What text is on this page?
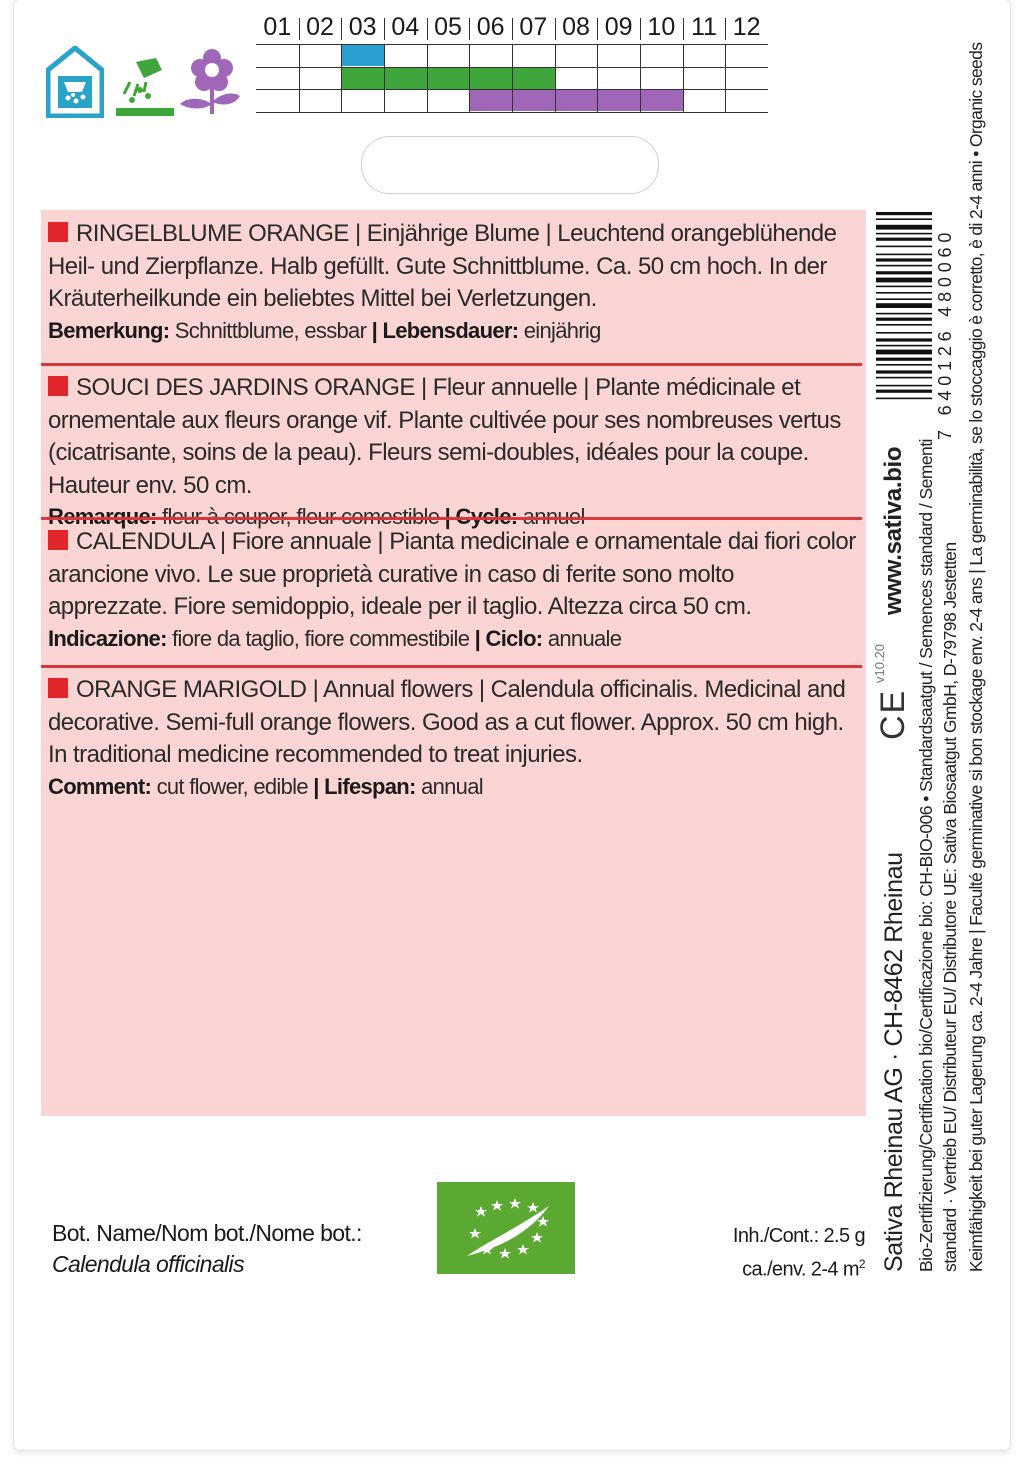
01 02 03 04 05 06 07 08 09 10 11 12

RINGELBLUME ORANGE | Einjährige Blume | Leuchtend orangeblühende Heil- und Zierpflanze. Halb gefüllt. Gute Schnittblume. Ca. 50 cm hoch. In der Kräuterheilkunde ein beliebtes Mittel bei Verletzungen.

Bemerkung: Schnittblume, essbar | Lebensdauer: einjährig

SOUCI DES JARDINS ORANGE | Fleur annuelle | Plante médicinale et ornementale aux fleurs orange vif. Plante cultivée pour ses nombreuses vertus (cicatrisante, soins de la peau). Fleurs semi-doubles, idéales pour la coupe. Hauteur env. 50 cm.

CALENDULA | Fiore annuale | Pianta medicinale e ornamentale dai fiori color arancione vivo. Le sue proprietà curative in caso di ferite sono molto apprezzate. Fiore semidoppio, ideale per il taglio. Altezza circa 50 cm.

Indicazione: fiore da taglio, fiore commestibile | Ciclo: annuale

ORANGE MARIGOLD | Annual flowers | Calendula officinalis. Medicinal and decorative. Semi-full orange flowers. Good as a cut flower. Approx. 50 cm high. In traditional medicine recommended to treat injuries.

Comment: cut flower, edible | Lifespan: annual

7 640126 480060
www.sativa.bio
v10.20
CE
Sativa Rheinau AG · CH-8462 Rheinau Bio-Zertifizierung/Certification bio/Certificazione bio: CH-BIO-006 • Standardsaatgut / Semences standard / Sementi standard · Vertrieb EU/ Distributeur EU/ Distributore UE: Sativa Biosaatgut GmbH, D-79798 Jestetten Keimfähigkeit bei guter Lagerung ca. 2-4 Jahre | Faculté germinative si bon stockage env. 2-4 ans | La germinabilità, se lo stoccaggio è corretto, è di 2-4 anni • Organic seeds
Bot. Name/Nom bot./Nome bot.:
Calendula officinalis
Inh./Cont.: 2.5 g
ca./env. 2-4 $m^2$
